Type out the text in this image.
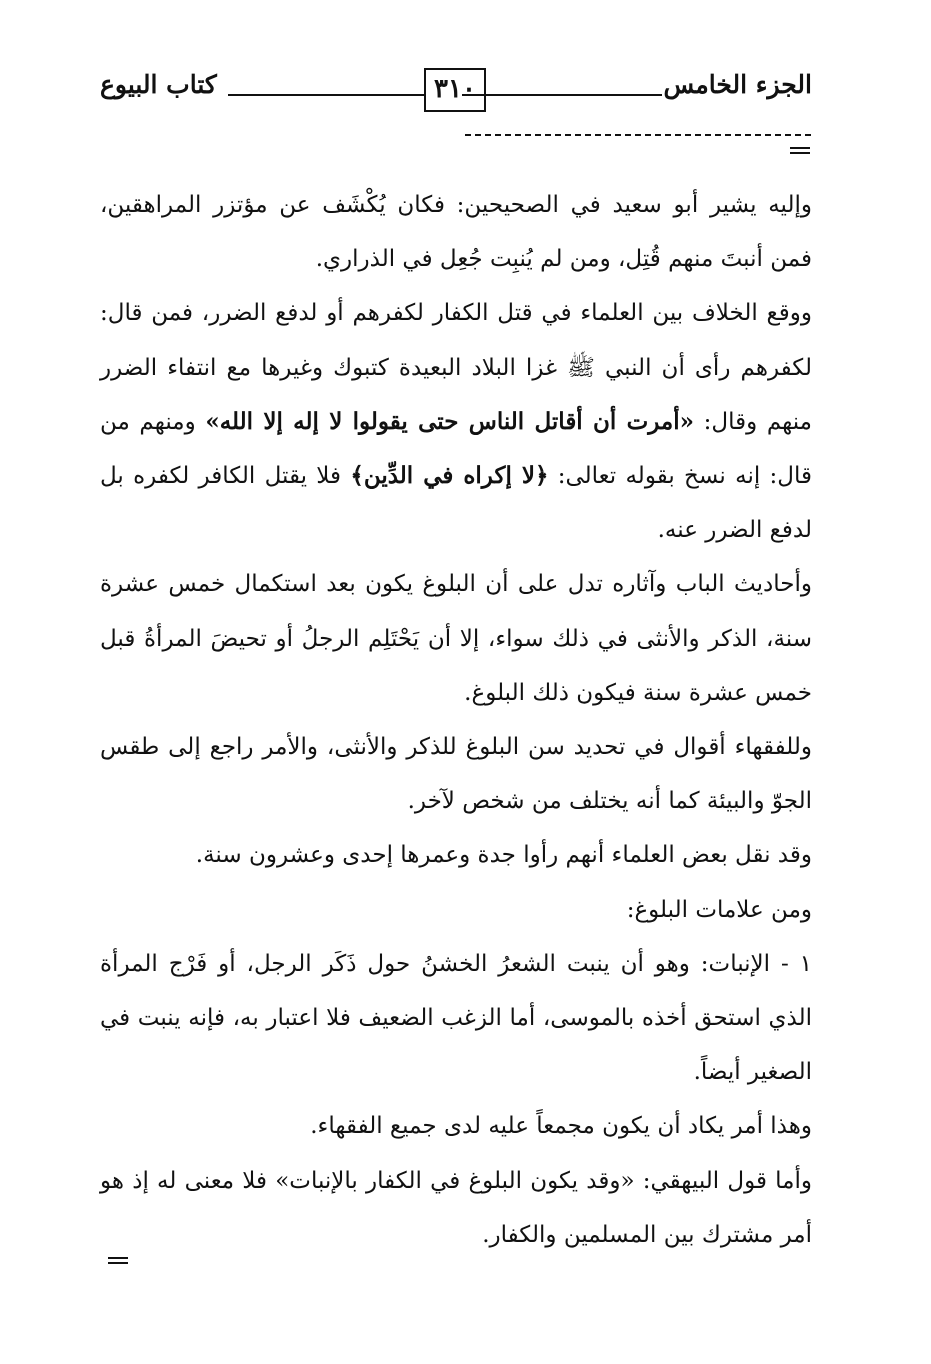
الجزء الخامس
٣١٠
كتاب البيوع

وإليه يشير أبو سعيد في الصحيحين: فكان يُكْشَف عن مؤتزر المراهقين، فمن أنبتَ منهم قُتِل، ومن لم يُنبِت جُعِل في الذراري.

ووقع الخلاف بين العلماء في قتل الكفار لكفرهم أو لدفع الضرر، فمن قال: لكفرهم رأى أن النبي ﷺ غزا البلاد البعيدة كتبوك وغيرها مع انتفاء الضرر منهم وقال: «أمرت أن أقاتل الناس حتى يقولوا لا إله إلا الله» ومنهم من قال: إنه نسخ بقوله تعالى: ﴿لا إكراه في الدِّين﴾ فلا يقتل الكافر لكفره بل لدفع الضرر عنه.

وأحاديث الباب وآثاره تدل على أن البلوغ يكون بعد استكمال خمس عشرة سنة، الذكر والأنثى في ذلك سواء، إلا أن يَحْتَلِم الرجلُ أو تحيضَ المرأةُ قبل خمس عشرة سنة فيكون ذلك البلوغ.

وللفقهاء أقوال في تحديد سن البلوغ للذكر والأنثى، والأمر راجع إلى طقس الجوّ والبيئة كما أنه يختلف من شخص لآخر.

وقد نقل بعض العلماء أنهم رأوا جدة وعمرها إحدى وعشرون سنة.

ومن علامات البلوغ:

١ - الإنبات: وهو أن ينبت الشعرُ الخشنُ حول ذَكَر الرجل، أو فَرْج المرأة الذي استحق أخذه بالموسى، أما الزغب الضعيف فلا اعتبار به، فإنه ينبت في الصغير أيضاً.

وهذا أمر يكاد أن يكون مجمعاً عليه لدى جميع الفقهاء.

وأما قول البيهقي: «وقد يكون البلوغ في الكفار بالإنبات» فلا معنى له إذ هو أمر مشترك بين المسلمين والكفار.
